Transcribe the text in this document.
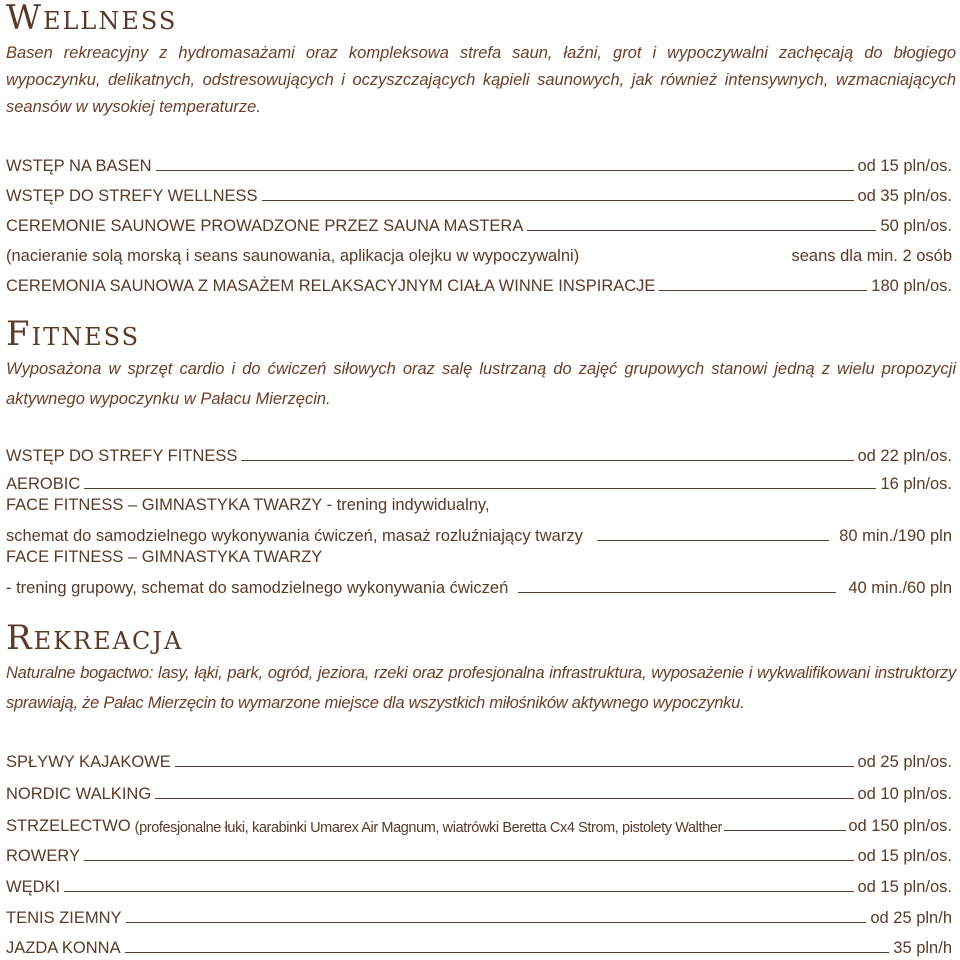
Wellness

Basen rekreacyjny z hydromasażami oraz kompleksowa strefa saun, łaźni, grot i wypoczywalni zachęcają do błogiego wypoczynku, delikatnych, odstresowujących i oczyszczających kąpieli saunowych, jak również intensywnych, wzmacniających seansów w wysokiej temperaturze.

WSTĘP NA BASEN	od 15 pln/os.
WSTĘP DO STREFY WELLNESS	od 35 pln/os.
CEREMONIE SAUNOWE PROWADZONE PRZEZ SAUNA MASTERA	50 pln/os.
(nacieranie solą morską i seans saunowania, aplikacja olejku w wypoczywalni)	seans dla min. 2 osób
CEREMONIA SAUNOWA Z MASAŻEM RELAKSACYJNYM CIAŁA WINNE INSPIRACJE	180 pln/os.
Fitness

Wyposażona w sprzęt cardio i do ćwiczeń siłowych oraz salę lustrzaną do zajęć grupowych stanowi jedną z wielu propozycji aktywnego wypoczynku w Pałacu Mierzęcin.

WSTĘP DO STREFY FITNESS	od 22 pln/os.
AEROBIC	16 pln/os.
FACE FITNESS – GIMNASTYKA TWARZY - trening indywidualny,
schemat do samodzielnego wykonywania ćwiczeń, masaż rozluźniający twarzy	80 min./190 pln
FACE FITNESS – GIMNASTYKA TWARZY
- trening grupowy, schemat do samodzielnego wykonywania ćwiczeń	40 min./60 pln
Rekreacja

Naturalne bogactwo: lasy, łąki, park, ogród, jeziora, rzeki oraz profesjonalna infrastruktura, wyposażenie i wykwalifikowani instruktorzy sprawiają, że Pałac Mierzęcin to wymarzone miejsce dla wszystkich miłośników aktywnego wypoczynku.

SPŁYWY KAJAKOWE	od 25 pln/os.
NORDIC WALKING	od 10 pln/os.
STRZELECTWO (profesjonalne łuki, karabinki Umarex Air Magnum, wiatrówki Beretta Cx4 Strom, pistolety Walther	od 150 pln/os.
ROWERY	od 15 pln/os.
WĘDKI	od 15 pln/os.
TENIS ZIEMNY	od 25 pln/h
JAZDA KONNA	35 pln/h
